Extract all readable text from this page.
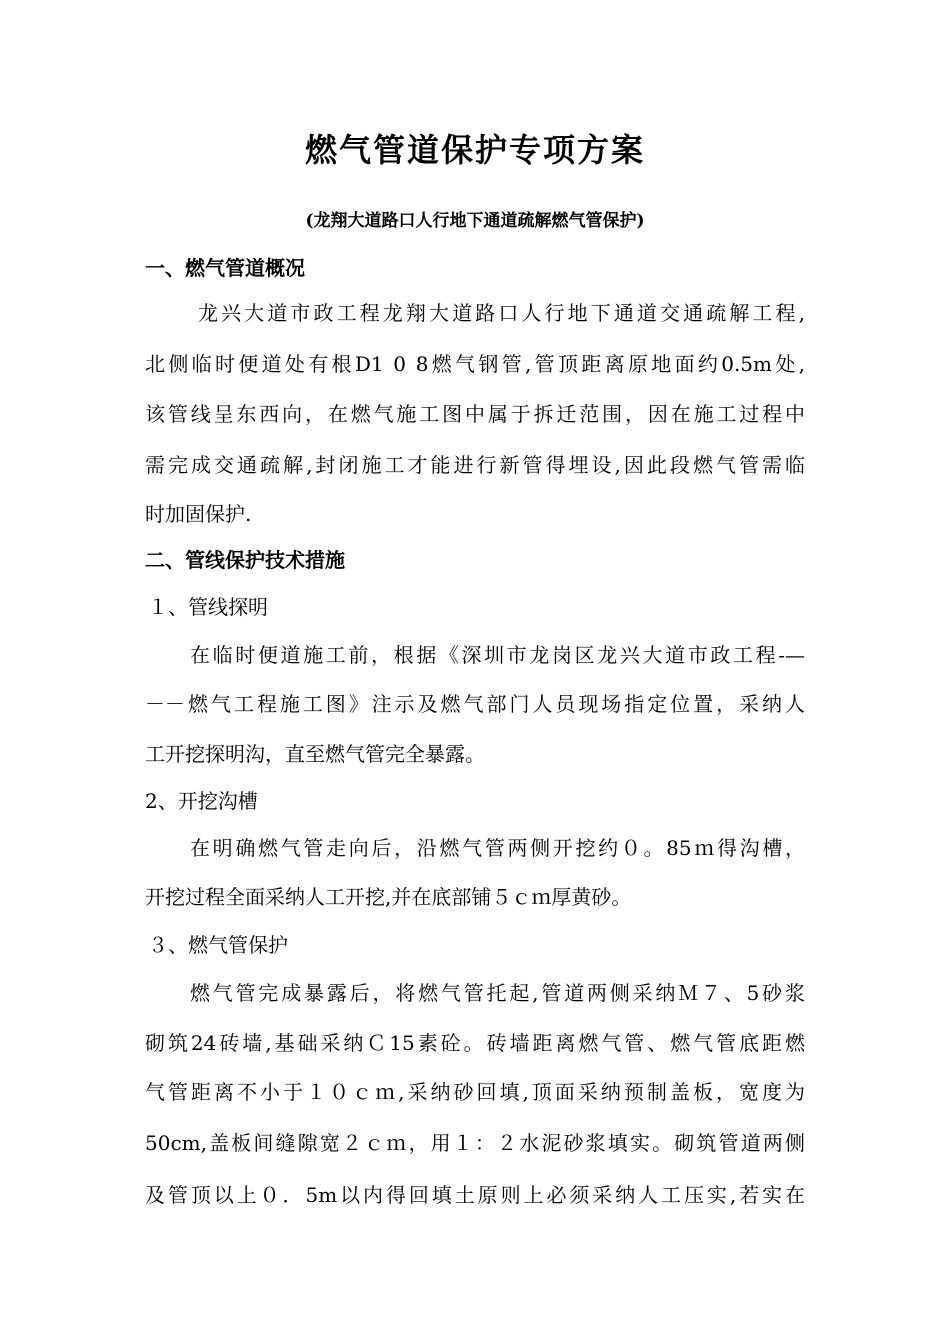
燃气管道保护专项方案
(龙翔大道路口人行地下通道疏解燃气管保护)
一、燃气管道概况
龙兴大道市政工程龙翔大道路口人行地下通道交通疏解工程,
北侧临时便道处有根D1 0 8燃气钢管,管顶距离原地面约0.5m处,
该管线呈东西向，在燃气施工图中属于拆迁范围，因在施工过程中
需完成交通疏解,封闭施工才能进行新管得埋设,因此段燃气管需临
时加固保护.
二、管线保护技术措施
１、管线探明
在临时便道施工前，根据《深圳市龙岗区龙兴大道市政工程-—
－－燃气工程施工图》注示及燃气部门人员现场指定位置，采纳人
工开挖探明沟，直至燃气管完全暴露。
2、开挖沟槽
在明确燃气管走向后，沿燃气管两侧开挖约０。85ｍ得沟槽，
开挖过程全面采纳人工开挖,并在底部铺５ｃｍ厚黄砂。
３、燃气管保护
燃气管完成暴露后，将燃气管托起,管道两侧采纳Ｍ７、5砂浆
砌筑24砖墙,基础采纳Ｃ15素砼。砖墙距离燃气管、燃气管底距燃
气管距离不小于１０ｃｍ,采纳砂回填,顶面采纳预制盖板，宽度为
50cm,盖板间缝隙宽２ｃｍ，用１：２水泥砂浆填实。砌筑管道两侧
及管顶以上０．5m以内得回填土原则上必须采纳人工压实,若实在
